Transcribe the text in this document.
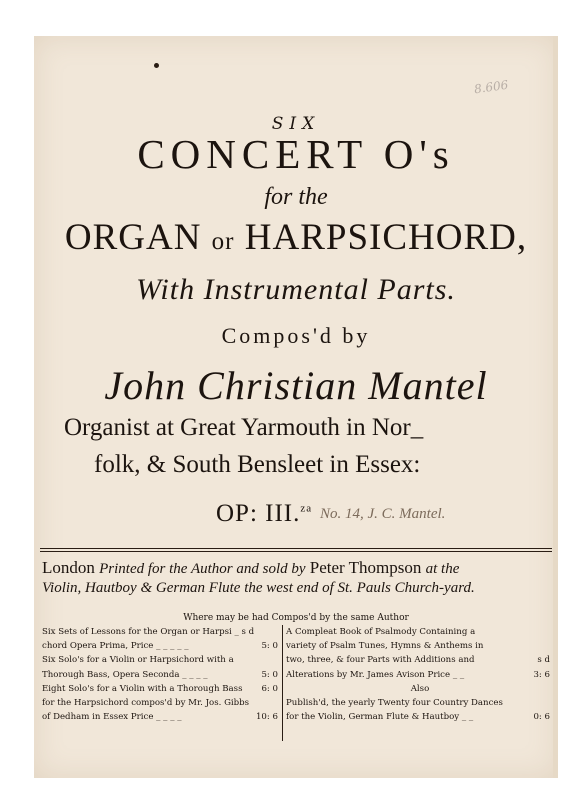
8.606
SIX
CONCERT O's
for the
ORGAN or HARPSICHORD,
With Instrumental Parts.
Compos'd by
John Christian Mantel
Organist at Great Yarmouth in Nor_
folk, & South Bensleet in Essex:
OP: III.$^{za}$ No. 14, J. C. Mantel.
London Printed for the Author and sold by Peter Thompson at the
Violin, Hautboy & German Flute the west end of St. Pauls Church-yard.
Where may be had Compos'd by the same Author
Six Sets of Lessons for the Organ or Harpsi _ s d
chord Opera Prima, Price _ _ _ _ _	5: 0
Six Solo's for a Violin or Harpsichord with a
Thorough Bass, Opera Seconda _ _ _ _	5: 0
Eight Solo's for a Violin with a Thorough Bass 6: 0
for the Harpsichord compos'd by Mr. Jos. Gibbs
of Dedham in Essex Price _ _ _ _	10: 6
A Compleat Book of Psalmody Containing a
variety of Psalm Tunes, Hymns & Anthems in
two, three, & four Parts with Additions and	s d
Alterations by Mr. James Avison Price _ _	3: 6
Also
Publish'd, the yearly Twenty four Country Dances
for the Violin, German Flute & Hautboy _ _	0: 6
